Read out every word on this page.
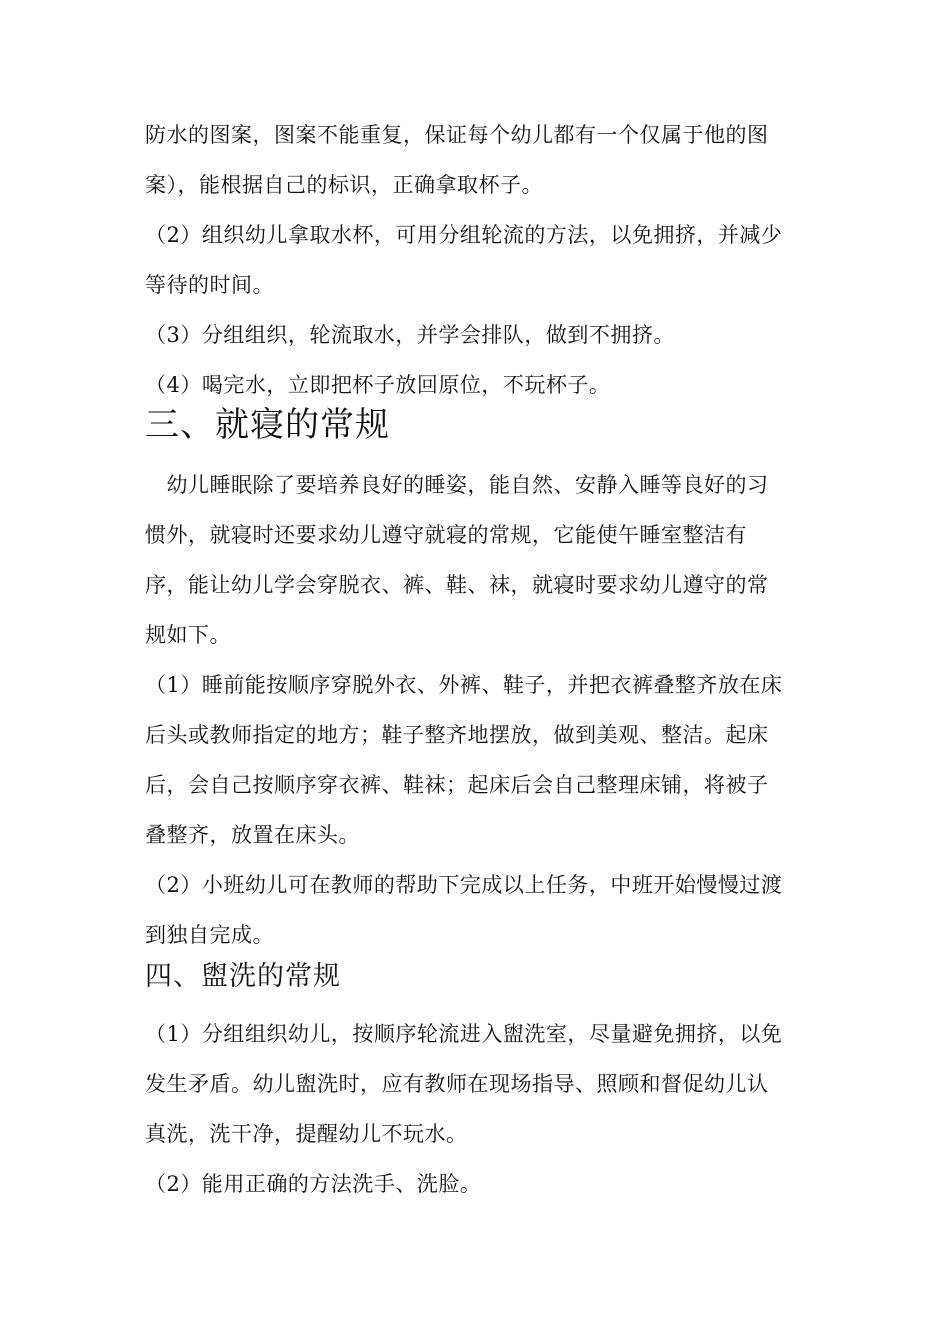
防水的图案，图案不能重复，保证每个幼儿都有一个仅属于他的图
案），能根据自己的标识，正确拿取杯子。
（2）组织幼儿拿取水杯，可用分组轮流的方法，以免拥挤，并减少
等待的时间。
（3）分组组织，轮流取水，并学会排队，做到不拥挤。
（4）喝完水，立即把杯子放回原位，不玩杯子。
三、就寝的常规
　幼儿睡眠除了要培养良好的睡姿，能自然、安静入睡等良好的习
惯外，就寝时还要求幼儿遵守就寝的常规，它能使午睡室整洁有
序，能让幼儿学会穿脱衣、裤、鞋、袜，就寝时要求幼儿遵守的常
规如下。
（1）睡前能按顺序穿脱外衣、外裤、鞋子，并把衣裤叠整齐放在床
后头或教师指定的地方；鞋子整齐地摆放，做到美观、整洁。起床
后，会自己按顺序穿衣裤、鞋袜；起床后会自己整理床铺，将被子
叠整齐，放置在床头。
（2）小班幼儿可在教师的帮助下完成以上任务，中班开始慢慢过渡
到独自完成。
四、盥洗的常规
（1）分组组织幼儿，按顺序轮流进入盥洗室，尽量避免拥挤，以免
发生矛盾。幼儿盥洗时，应有教师在现场指导、照顾和督促幼儿认
真洗，洗干净，提醒幼儿不玩水。
（2）能用正确的方法洗手、洗脸。
